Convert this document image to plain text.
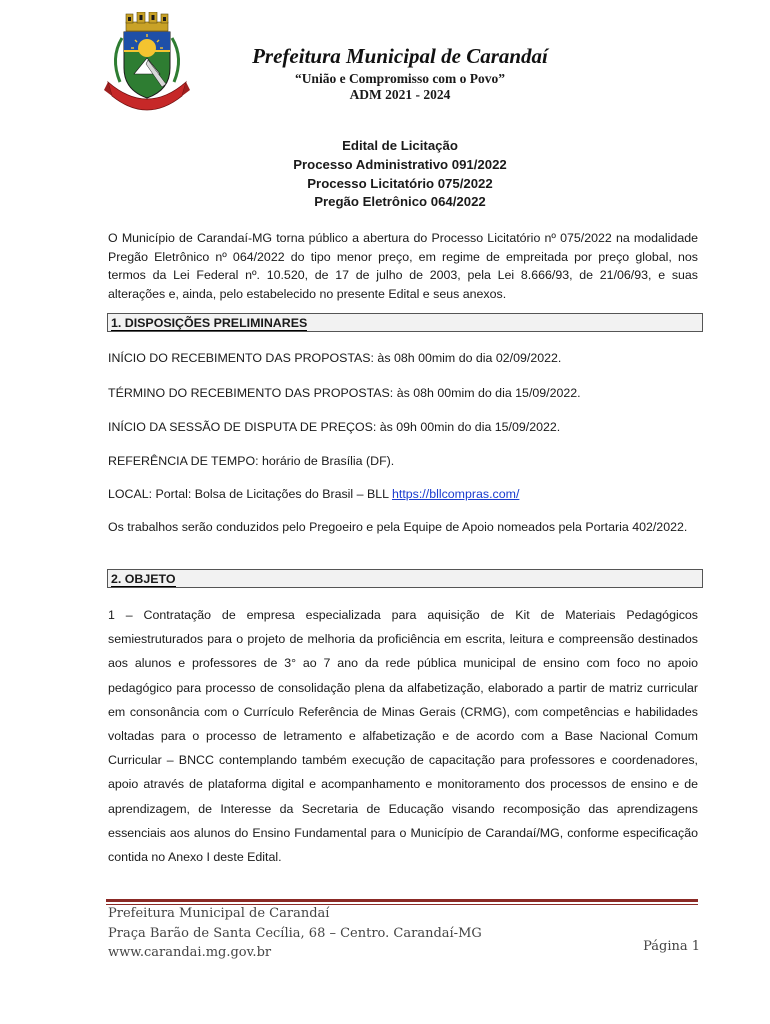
Prefeitura Municipal de Carandaí
“União e Compromisso com o Povo”
ADM 2021 - 2024
Edital de Licitação
Processo Administrativo 091/2022
Processo Licitatório 075/2022
Pregão Eletrônico 064/2022
O Município de Carandaí-MG torna público a abertura do Processo Licitatório nº 075/2022 na modalidade Pregão Eletrônico nº 064/2022 do tipo menor preço, em regime de empreitada por preço global, nos termos da Lei Federal nº. 10.520, de 17 de julho de 2003, pela Lei 8.666/93, de 21/06/93, e suas alterações e, ainda, pelo estabelecido no presente Edital e seus anexos.
1. DISPOSIÇÕES PRELIMINARES
INÍCIO DO RECEBIMENTO DAS PROPOSTAS: às 08h 00mim do dia 02/09/2022.
TÉRMINO DO RECEBIMENTO DAS PROPOSTAS: às 08h 00mim do dia 15/09/2022.
INÍCIO DA SESSÃO DE DISPUTA DE PREÇOS: às 09h 00min do dia 15/09/2022.
REFERÊNCIA DE TEMPO: horário de Brasília (DF).
LOCAL: Portal: Bolsa de Licitações do Brasil – BLL https://bllcompras.com/
Os trabalhos serão conduzidos pelo Pregoeiro e pela Equipe de Apoio nomeados pela Portaria 402/2022.
2. OBJETO
1 – Contratação de empresa especializada para aquisição de Kit de Materiais Pedagógicos semiestruturados para o projeto de melhoria da proficiência em escrita, leitura e compreensão destinados aos alunos e professores de 3° ao 7 ano da rede pública municipal de ensino com foco no apoio pedagógico para processo de consolidação plena da alfabetização, elaborado a partir de matriz curricular em consonância com o Currículo Referência de Minas Gerais (CRMG), com competências e habilidades voltadas para o processo de letramento e alfabetização e de acordo com a Base Nacional Comum Curricular – BNCC contemplando também execução de capacitação para professores e coordenadores, apoio através de plataforma digital e acompanhamento e monitoramento dos processos de ensino e de aprendizagem, de Interesse da Secretaria de Educação visando recomposição das aprendizagens essenciais aos alunos do Ensino Fundamental para o Município de Carandaí/MG, conforme especificação contida no Anexo I deste Edital.
Prefeitura Municipal de Carandaí
Praça Barão de Santa Cecília, 68 – Centro. Carandaí-MG
www.carandai.mg.gov.br	Página 1
